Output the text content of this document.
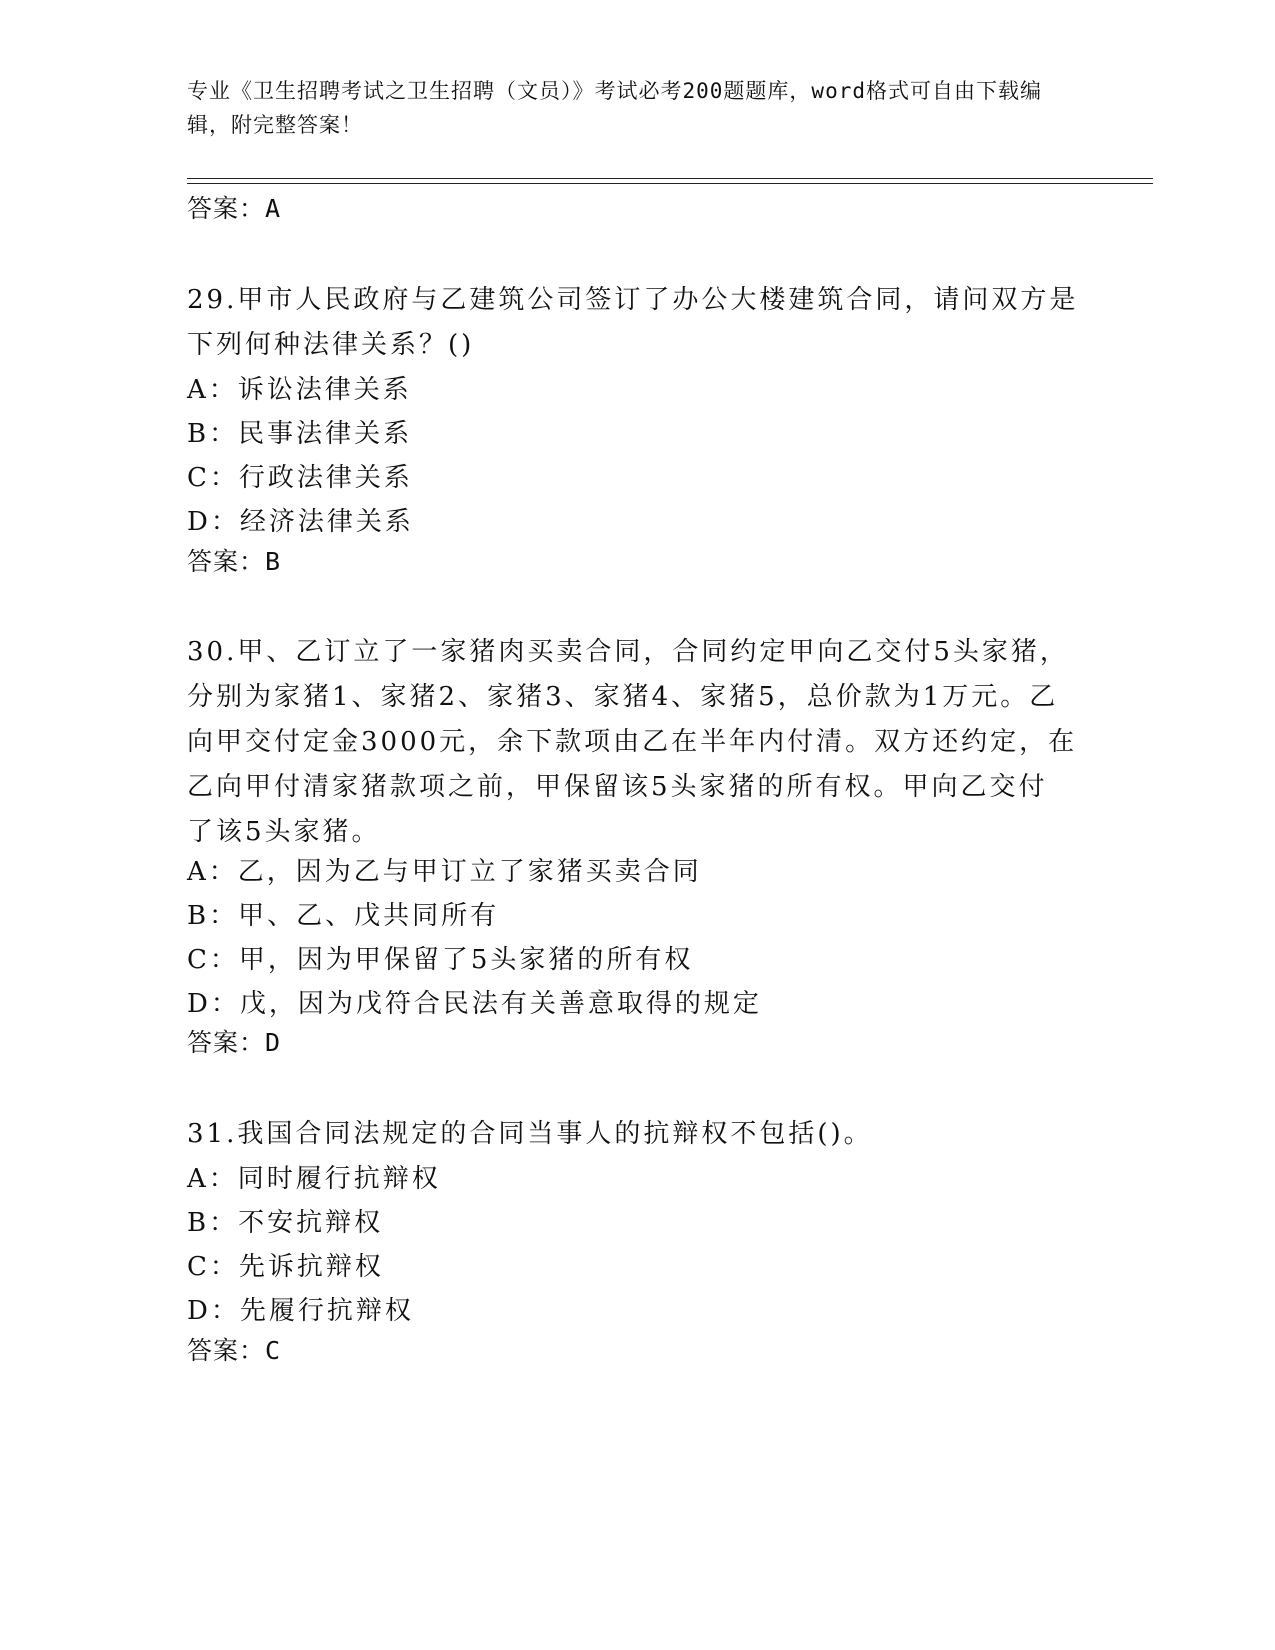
专业《卫生招聘考试之卫生招聘（文员）》考试必考200题题库，word格式可自由下载编辑，附完整答案！
答案：A
29.甲市人民政府与乙建筑公司签订了办公大楼建筑合同，请问双方是
下列何种法律关系？()
A：诉讼法律关系
B：民事法律关系
C：行政法律关系
D：经济法律关系
答案：B
30.甲、乙订立了一家猪肉买卖合同，合同约定甲向乙交付5头家猪，
分别为家猪1、家猪2、家猪3、家猪4、家猪5，总价款为1万元。乙
向甲交付定金3000元，余下款项由乙在半年内付清。双方还约定，在
乙向甲付清家猪款项之前，甲保留该5头家猪的所有权。甲向乙交付
了该5头家猪。
A：乙，因为乙与甲订立了家猪买卖合同
B：甲、乙、戊共同所有
C：甲，因为甲保留了5头家猪的所有权
D：戊，因为戊符合民法有关善意取得的规定
答案：D
31.我国合同法规定的合同当事人的抗辩权不包括()。
A：同时履行抗辩权
B：不安抗辩权
C：先诉抗辩权
D：先履行抗辩权
答案：C
